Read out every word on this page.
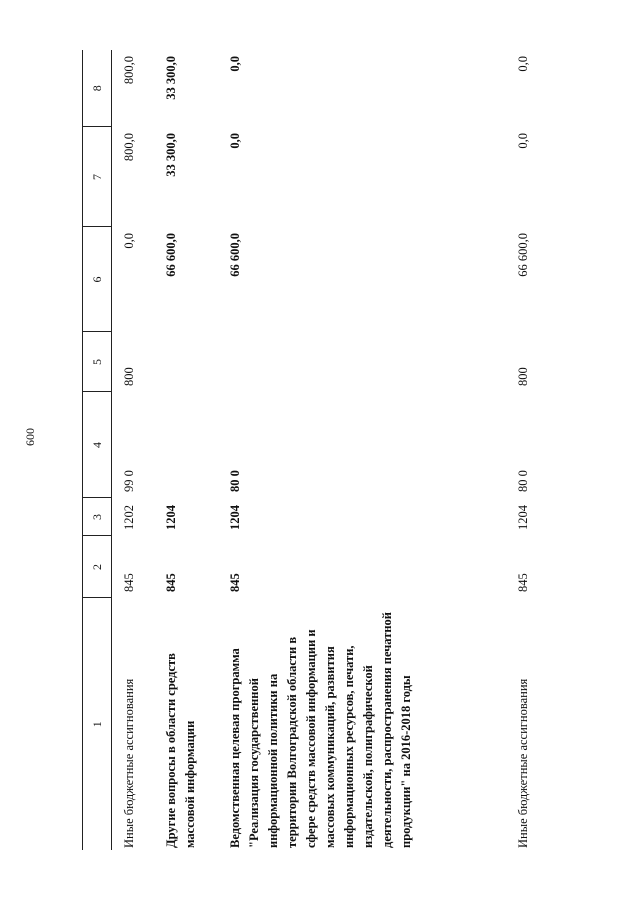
600
1	2	3	4	5	6	7	8
Иные бюджетные ассигнования	845	1202	99 0	800	0,0	800,0	800,0
Другие вопросы в области средств массовой информации	845	1204			66 600,0	33 300,0	33 300,0
Ведомственная целевая программа "Реализация государственной информационной политики на территории Волгоградской области в сфере средств массовой информации и массовых коммуникаций, развития информационных ресурсов, печати, издательской, полиграфической деятельности, распространения печатной продукции" на 2016-2018 годы	845	1204	80 0		66 600,0	0,0	0,0
Иные бюджетные ассигнования	845	1204	80 0	800	66 600,0	0,0	0,0
